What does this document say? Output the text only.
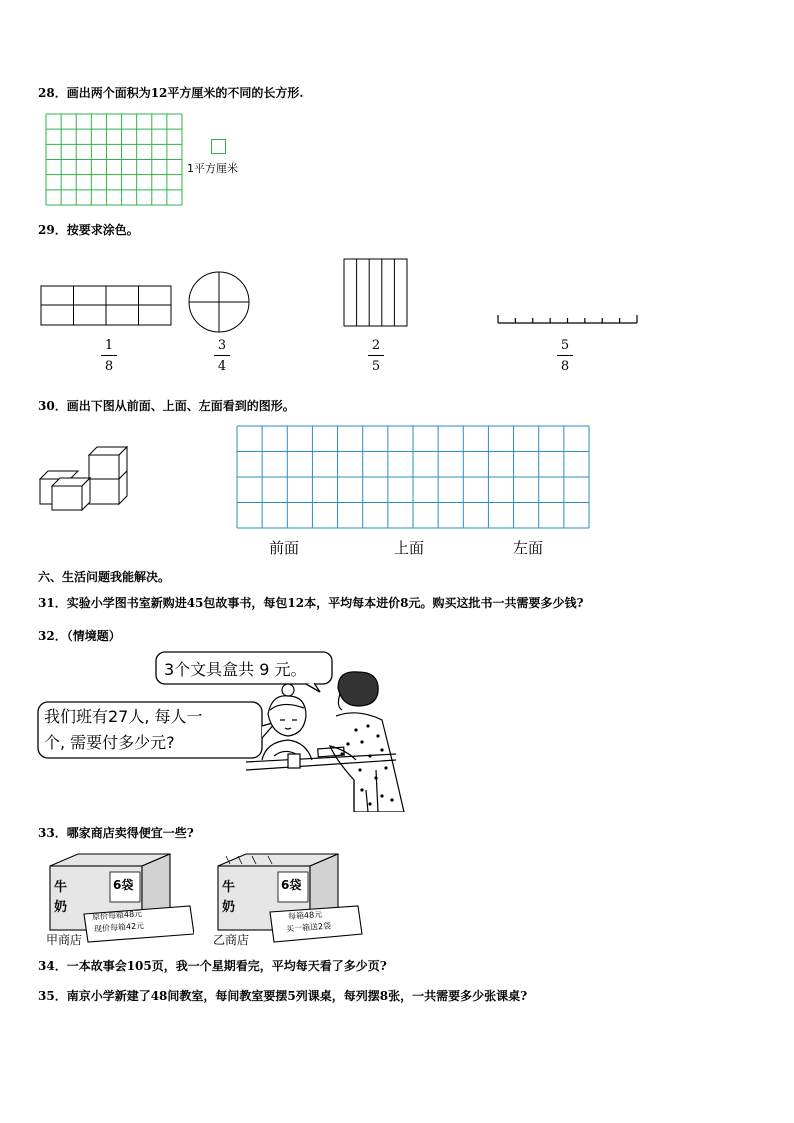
28．画出两个面积为12平方厘米的不同的长方形.
1平方厘米
29．按要求涂色。
1
8
3
4
2
5
5
8
30．画出下图从前面、上面、左面看到的图形。
前面	上面	左面
六、生活问题我能解决。
31．实验小学图书室新购进45包故事书，每包12本，平均每本进价8元。购买这批书一共需要多少钱?
32．（情境题）
3个文具盒共 9 元。
我们班有27人, 每人一
个, 需要付多少元?
33．哪家商店卖得便宜一些?
牛
奶
6袋
原价每箱48元
现价每箱42元
甲商店
牛
奶
6袋
每箱48元
买一箱送2袋
乙商店
34．一本故事会105页，我一个星期看完，平均每天看了多少页?
35．南京小学新建了48间教室，每间教室要摆5列课桌，每列摆8张，一共需要多少张课桌?
